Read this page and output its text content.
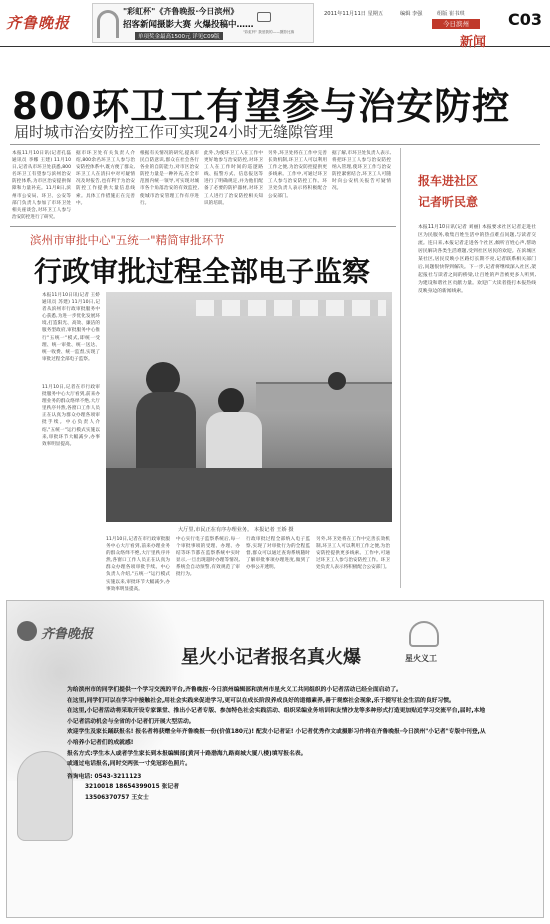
齐鲁晚报
"彩虹杯"《齐鲁晚报·今日滨州》
招客新闻摄影大赛 火爆投稿中……
单项奖金最高1500元 详见C09版
"彩虹杯" 我爱我的——摄影比赛
2011年11月11日 星期五	编辑 李强	组版 崔书琪
今日滨州
新闻
C03
800环卫工有望参与治安防控
届时城市治安防控工作可实现24小时无缝隙管理
本报11月10日讯(记者孔磊 通讯员 李娜 王建) 11月10日,记者从市环卫处获悉,800名环卫工有望参与滨州治安防控体系,为市区治安提供保障和力量补充。11月8日,滨州市公安局、环卫、公安等部门负责人参加了市环卫处相关座谈会,对环卫工人参与治安防控进行了研究。
据市环卫处有关负责人介绍,800余名环卫工人参与治安防控体系中,既方便了群众,环卫工人在清扫中对可疑情况及时报告,也有利于为治安防控工作提供大量信息线索。具体工作措施正在完善中。
根据有关情况的研究,提高市民自防意识,群众在社会各行各业的自防能力,对市区治安防控力量是一种补充,在全市范围内统一领导,可实现对城市各个角落治安的有效监控,使城市治安管理工作有序进行。
此外,为使环卫工人在工作中更好地参与治安防控,对环卫工人在工作时间的巡逻路线、报警方式、信息报送等进行了明确规定,并为他们配备了必要的防护器材,对环卫工人进行了治安防控相关知识的培训。
另外,环卫处将在工作中完善长效机制,环卫工人可以利用工作之便,为治安防控提供更多线索。工作中,可通过环卫工人参与治安防控工作。环卫处负责人表示将积极配合公安部门。
据了解,市环卫处负责人表示,将把环卫工人参与治安防控纳入管理,使环卫工作与治安防控紧密结合,环卫工人可随时向公安机关报告可疑情况。
滨州市审批中心"五统一"精简审批环节
行政审批过程全部电子监察
本报11月10日讯(记者 王娇 通讯员 苏建) 11月10日,记者从滨州市行政审批服务中心获悉,为进一步优化发展环境,打造阳光、高效、廉洁的服务型政府,审批服务中心推行"五统一"模式,即统一受理、统一审批、统一送达、统一收费、统一监督,实现了审批过程全部电子监察。
11月10日,记者在市行政审批服务中心大厅看到,前来办理业务的群众络绎不绝,大厅里秩序井然,各窗口工作人员正在认真为群众办理各项审批手续。中心负责人介绍,"五统一"运行模式实施以来,审批环节大幅减少,办事效率明显提高。
大厅里,市民正在有序办理业务。 本报记者 王娇 摄
11月10日,记者在市行政审批服务中心大厅看到,前来办理业务的群众络绎不绝,大厅里秩序井然,各窗口工作人员正在认真为群众办理各项审批手续。中心负责人介绍,"五统一"运行模式实施以来,审批环节大幅减少,办事效率明显提高。
中心实行电子监察系统后,每一个审批事项的受理、办理、办结等环节都在监察系统中实时显示,一旦出现超时办理等情况,系统会自动预警,有效规范了审批行为。
行政审批过程全部纳入电子监察,实现了对审批行为的全程监督,群众可以通过查询系统随时了解审批事项办理进度,做到了办事公开透明。
另外,环卫处将在工作中完善长效机制,环卫工人可以利用工作之便,为治安防控提供更多线索。工作中,可通过环卫工人参与治安防控工作。环卫处负责人表示将积极配合公安部门。
报车进社区
记者听民意
本报11月10日讯(记者 刘丽) 本报要求社区记者走进社区为民服务,收集百姓生活中的热点难点问题,与读者交流。连日来,本报记者走进各个社区,倾听百姓心声,帮助居民解决各类生活难题,受到社区居民的欢迎。在滨城区某社区,居民反映小区路灯长期不亮,记者联系相关部门后,问题很快得到解决。下一步,记者将继续深入社区,架起报社与读者之间的桥梁,让百姓的声音被更多人听到,为建设和谐社区贡献力量。欢迎广大读者拨打本报热线反映身边的新闻线索。
齐鲁晚报
星火小记者报名真火爆	星火义工
为给滨州市的同学们提供一个学习交流的平台,齐鲁晚报·今日滨州编辑部和滨州市星火义工共同组织的小记者活动已经全面启动了。
在这里,同学们可以在学习中接触社会,用社会实践来促进学习,更可以在成长阶段养成良好的道德素养,善于观察社会现象,乐于提写社会生活的良好习惯。
在这里,小记者活动将采取开设专家课堂、推出小记者专版、参加特色社会实践活动、组织采编业务培训和友情沙龙等多种形式打造更加贴近学习交流平台,届时,本地小记者活动机会与全省的小记者们开展大型活动。
欢迎学生及家长踊跃报名! 报名者将获赠全年齐鲁晚报一份(价值180元)! 配发小记者证! 小记者优秀作文或摄影习作将在齐鲁晚报·今日滨州"小记者"专版中刊登,从小培养小记者们的成就感!
报名方式:学生本人或者学生家长到本报编辑部(黄河十路渤海九路商城大厦八楼)填写报名表。
或通过电话报名,同时交两张一寸免冠彩色照片。
咨询电话: 0543-3211123
3210018 18654399015 张记者
13506370757 王女士
